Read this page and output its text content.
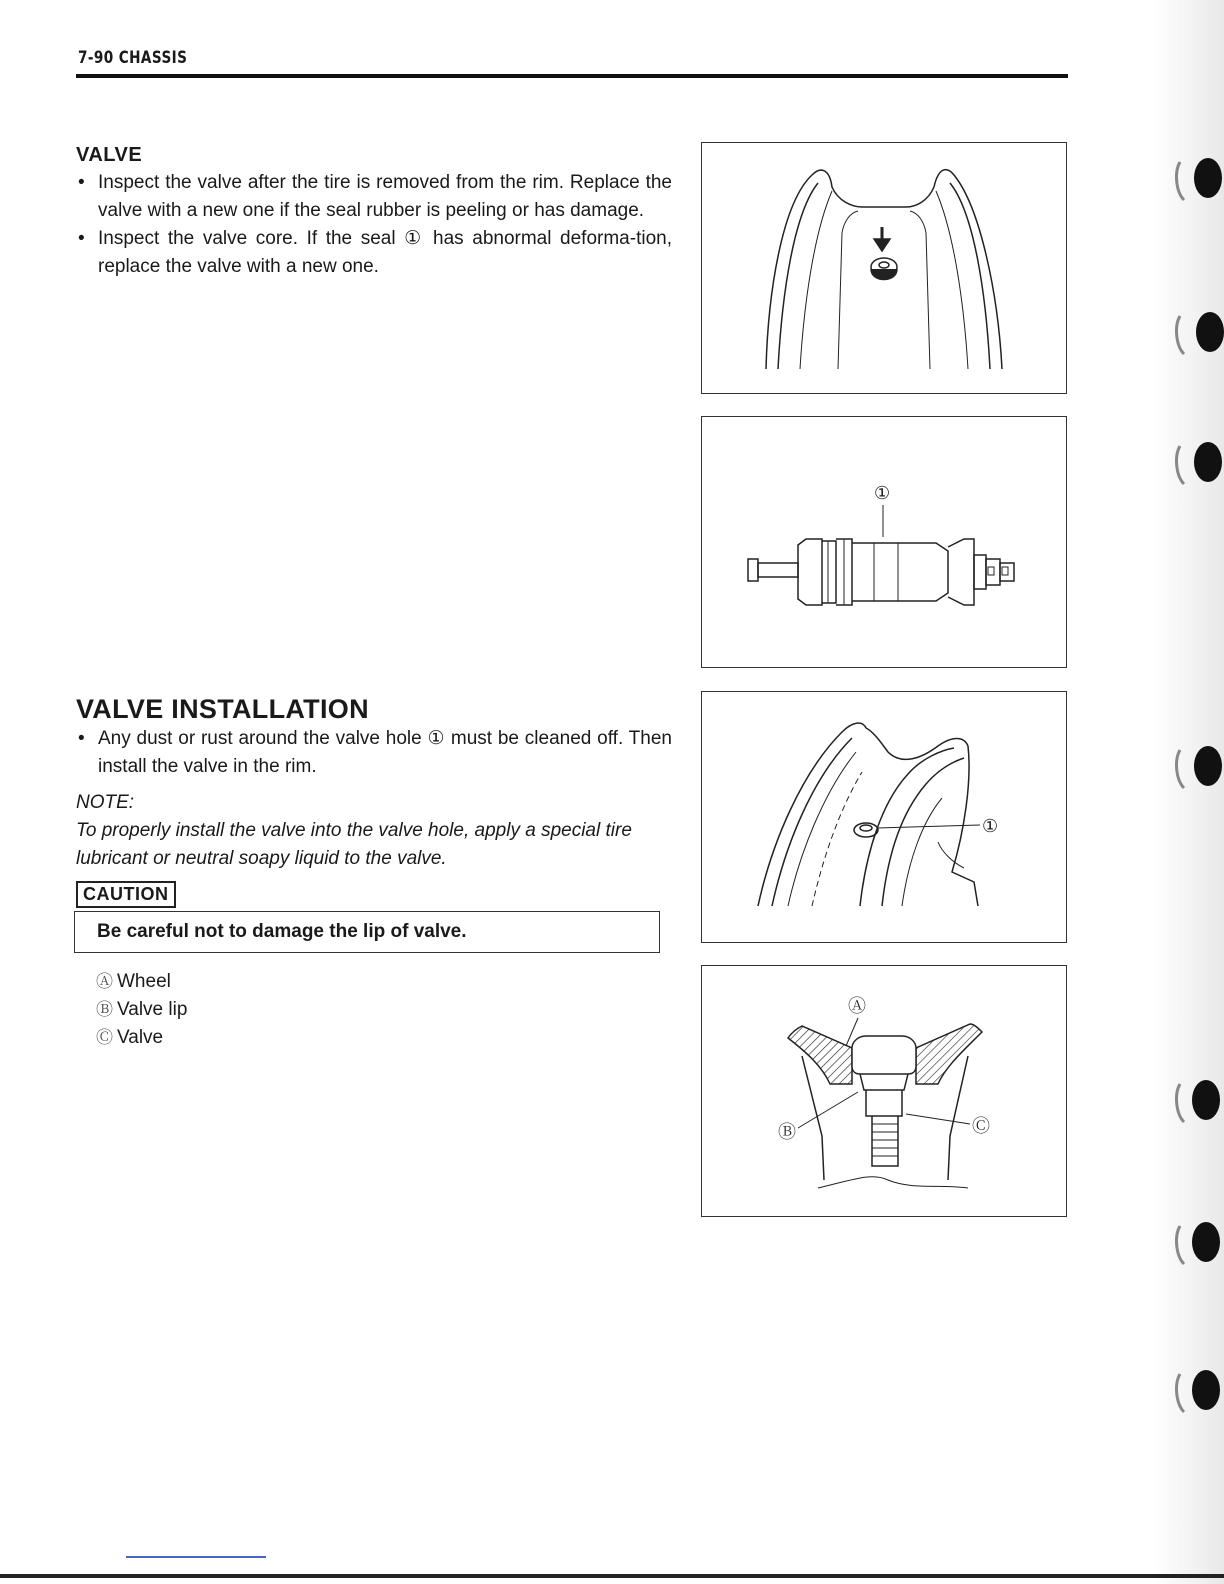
7-90 CHASSIS
VALVE
• Inspect the valve after the tire is removed from the rim. Replace the valve with a new one if the seal rubber is peeling or has damage.
• Inspect the valve core. If the seal ① has abnormal deforma-tion, replace the valve with a new one.
VALVE INSTALLATION
• Any dust or rust around the valve hole ① must be cleaned off. Then install the valve in the rim.
NOTE:
To properly install the valve into the valve hole, apply a special tire lubricant or neutral soapy liquid to the valve.
CAUTION
Be careful not to damage the lip of valve.
Ⓐ Wheel
Ⓑ Valve lip
Ⓒ Valve
①
①
Ⓐ
Ⓑ	Ⓒ
